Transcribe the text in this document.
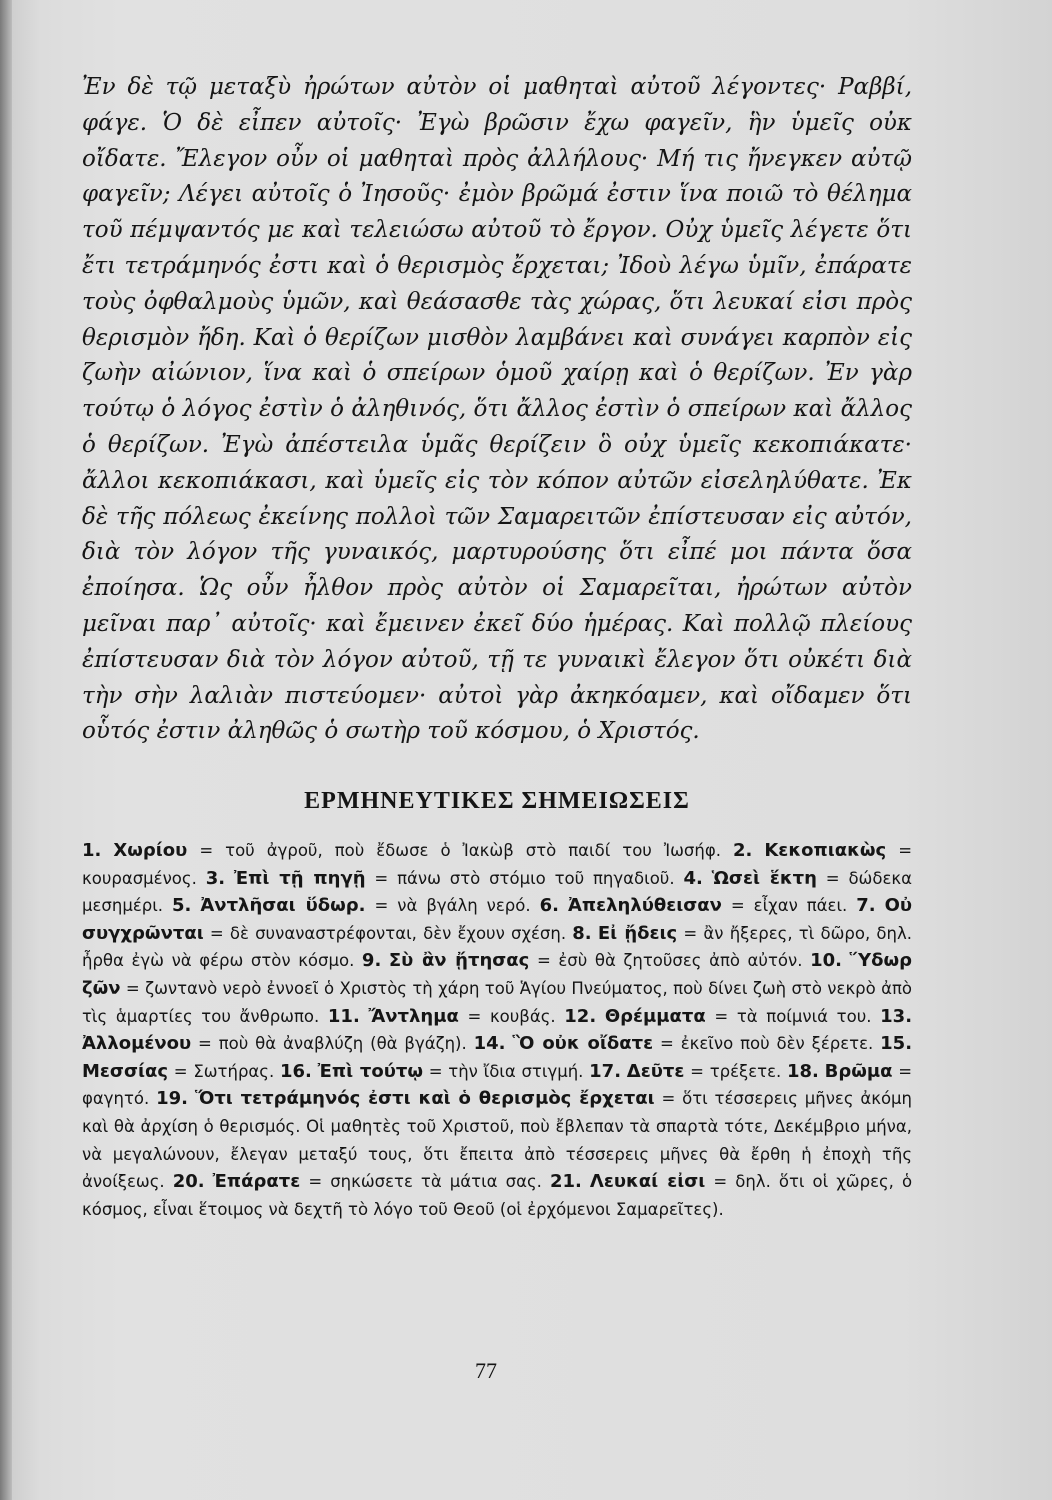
Ἐν δὲ τῷ μεταξὺ ἠρώτων αὐτὸν οἱ μαθηταὶ αὐτοῦ λέγοντες· Ραββί, φάγε. Ὁ δὲ εἶπεν αὐτοῖς· Ἐγὼ βρῶσιν ἔχω φαγεῖν, ἣν ὑμεῖς οὐκ οἴδατε. Ἔλεγον οὖν οἱ μαθηταὶ πρὸς ἀλλήλους· Μή τις ἤνεγκεν αὐτῷ φαγεῖν; Λέγει αὐτοῖς ὁ Ἰησοῦς· ἐμὸν βρῶμά ἐστιν ἵνα ποιῶ τὸ θέλημα τοῦ πέμψαντός με καὶ τελειώσω αὐτοῦ τὸ ἔργον. Οὐχ ὑμεῖς λέγετε ὅτι ἔτι τετράμηνός ἐστι καὶ ὁ θερισμὸς ἔρχεται; Ἰδοὺ λέγω ὑμῖν, ἐπάρατε τοὺς ὀφθαλμοὺς ὑμῶν, καὶ θεάσασθε τὰς χώρας, ὅτι λευκαί εἰσι πρὸς θερισμὸν ἤδη. Καὶ ὁ θερίζων μισθὸν λαμβάνει καὶ συνάγει καρπὸν εἰς ζωὴν αἰώνιον, ἵνα καὶ ὁ σπείρων ὁμοῦ χαίρῃ καὶ ὁ θερίζων. Ἐν γὰρ τούτῳ ὁ λόγος ἐστὶν ὁ ἀληθινός, ὅτι ἄλλος ἐστὶν ὁ σπείρων καὶ ἄλλος ὁ θερίζων. Ἐγὼ ἀπέστειλα ὑμᾶς θερίζειν ὃ οὐχ ὑμεῖς κεκοπιάκατε· ἄλλοι κεκοπιάκασι, καὶ ὑμεῖς εἰς τὸν κόπον αὐτῶν εἰσεληλύθατε. Ἐκ δὲ τῆς πόλεως ἐκείνης πολλοὶ τῶν Σαμαρειτῶν ἐπίστευσαν εἰς αὐτόν, διὰ τὸν λόγον τῆς γυναικός, μαρτυρούσης ὅτι εἶπέ μοι πάντα ὅσα ἐποίησα. Ὡς οὖν ἦλθον πρὸς αὐτὸν οἱ Σαμαρεῖται, ἠρώτων αὐτὸν μεῖναι παρ᾿ αὐτοῖς· καὶ ἔμεινεν ἐκεῖ δύο ἡμέρας. Καὶ πολλῷ πλείους ἐπίστευσαν διὰ τὸν λόγον αὐτοῦ, τῇ τε γυναικὶ ἔλεγον ὅτι οὐκέτι διὰ τὴν σὴν λαλιὰν πιστεύομεν· αὐτοὶ γὰρ ἀκηκόαμεν, καὶ οἴδαμεν ὅτι οὗτός ἐστιν ἀληθῶς ὁ σωτὴρ τοῦ κόσμου, ὁ Χριστός.

ΕΡΜΗΝΕΥΤΙΚΕΣ ΣΗΜΕΙΩΣΕΙΣ

1. Χωρίου = τοῦ ἀγροῦ, ποὺ ἔδωσε ὁ Ἰακὼβ στὸ παιδί του Ἰωσήφ. 2. Κεκοπιακὼς = κουρασμένος. 3. Ἐπὶ τῇ πηγῇ = πάνω στὸ στόμιο τοῦ πηγαδιοῦ. 4. Ὡσεὶ ἕκτη = δώδεκα μεσημέρι. 5. Ἀντλῆσαι ὕδωρ. = νὰ βγάλη νερό. 6. Ἀπεληλύθεισαν = εἶχαν πάει. 7. Οὐ συγχρῶνται = δὲ συναναστρέφονται, δὲν ἔχουν σχέση. 8. Εἰ ᾔδεις = ἂν ἤξερες, τὶ δῶρο, δηλ. ἦρθα ἐγὼ νὰ φέρω στὸν κόσμο. 9. Σὺ ἂν ᾔτησας = ἐσὺ θὰ ζητοῦσες ἀπὸ αὐτόν. 10. Ὕδωρ ζῶν = ζωντανὸ νερὸ ἐννοεῖ ὁ Χριστὸς τὴ χάρη τοῦ Ἁγίου Πνεύματος, ποὺ δίνει ζωὴ στὸ νεκρὸ ἀπὸ τὶς ἁμαρτίες του ἄνθρωπο. 11. Ἄντλημα = κουβάς. 12. Θρέμματα = τὰ ποίμνιά του. 13. Ἀλλομένου = ποὺ θὰ ἀναβλύζη (θὰ βγάζη). 14. Ὃ οὐκ οἴδατε = ἐκεῖνο ποὺ δὲν ξέρετε. 15. Μεσσίας = Σωτήρας. 16. Ἐπὶ τούτῳ = τὴν ἴδια στιγμή. 17. Δεῦτε = τρέξετε. 18. Βρῶμα = φαγητό. 19. Ὅτι τετράμηνός ἐστι καὶ ὁ θερισμὸς ἔρχεται = ὅτι τέσσερεις μῆνες ἀκόμη καὶ θὰ ἀρχίση ὁ θερισμός. Οἱ μαθητὲς τοῦ Χριστοῦ, ποὺ ἔβλεπαν τὰ σπαρτὰ τότε, Δεκέμβριο μήνα, νὰ μεγαλώνουν, ἔλεγαν μεταξύ τους, ὅτι ἔπειτα ἀπὸ τέσσερεις μῆνες θὰ ἔρθη ἡ ἐποχὴ τῆς ἀνοίξεως. 20. Ἐπάρατε = σηκώσετε τὰ μάτια σας. 21. Λευκαί εἰσι = δηλ. ὅτι οἱ χῶρες, ὁ κόσμος, εἶναι ἕτοιμος νὰ δεχτῆ τὸ λόγο τοῦ Θεοῦ (οἱ ἐρχόμενοι Σαμαρεῖτες).

77
